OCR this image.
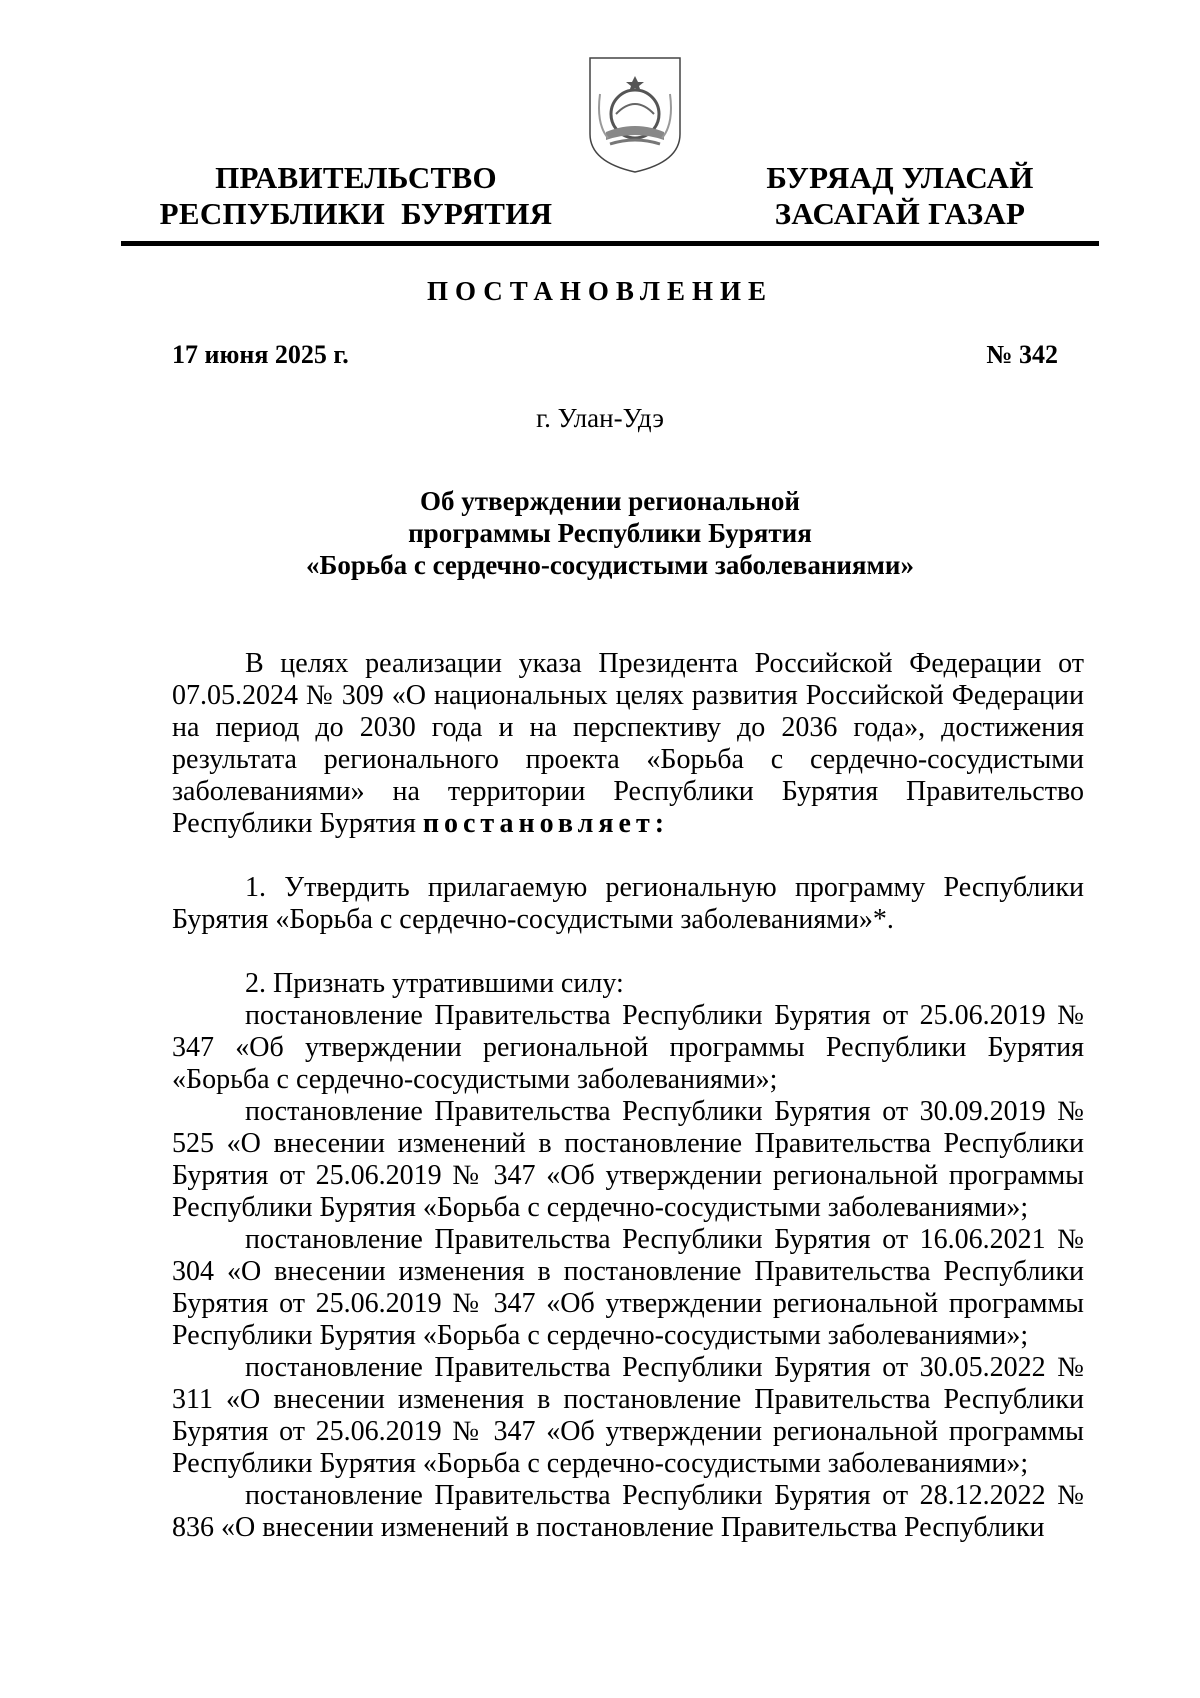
ПРАВИТЕЛЬСТВО
РЕСПУБЛИКИ  БУРЯТИЯ
БУРЯАД УЛАСАЙ
ЗАСАГАЙ ГАЗАР
ПОСТАНОВЛЕНИЕ
17 июня 2025 г.	№ 342
г. Улан-Удэ
Об утверждении региональной
программы Республики Бурятия
«Борьба с сердечно-сосудистыми заболеваниями»

В целях реализации указа Президента Российской Федерации от 07.05.2024 № 309 «О национальных целях развития Российской Федерации на период до 2030 года и на перспективу до 2036 года», достижения результата регионального проекта «Борьба с сердечно-сосудистыми заболеваниями» на территории Республики Бурятия Правительство Республики Бурятия постановляет:

1. Утвердить прилагаемую региональную программу Республики Бурятия «Борьба с сердечно-сосудистыми заболеваниями»*.

2. Признать утратившими силу:

постановление Правительства Республики Бурятия от 25.06.2019 № 347 «Об утверждении региональной программы Республики Бурятия «Борьба с сердечно-сосудистыми заболеваниями»;

постановление Правительства Республики Бурятия от 30.09.2019 № 525 «О внесении изменений в постановление Правительства Республики Бурятия от 25.06.2019 № 347 «Об утверждении региональной программы Республики Бурятия «Борьба с сердечно-сосудистыми заболеваниями»;

постановление Правительства Республики Бурятия от 16.06.2021 № 304 «О внесении изменения в постановление Правительства Республики Бурятия от 25.06.2019 № 347 «Об утверждении региональной программы Республики Бурятия «Борьба с сердечно-сосудистыми заболеваниями»;

постановление Правительства Республики Бурятия от 30.05.2022 № 311 «О внесении изменения в постановление Правительства Республики Бурятия от 25.06.2019 № 347 «Об утверждении региональной программы Республики Бурятия «Борьба с сердечно-сосудистыми заболеваниями»;

постановление Правительства Республики Бурятия от 28.12.2022 № 836 «О внесении изменений в постановление Правительства Республики
